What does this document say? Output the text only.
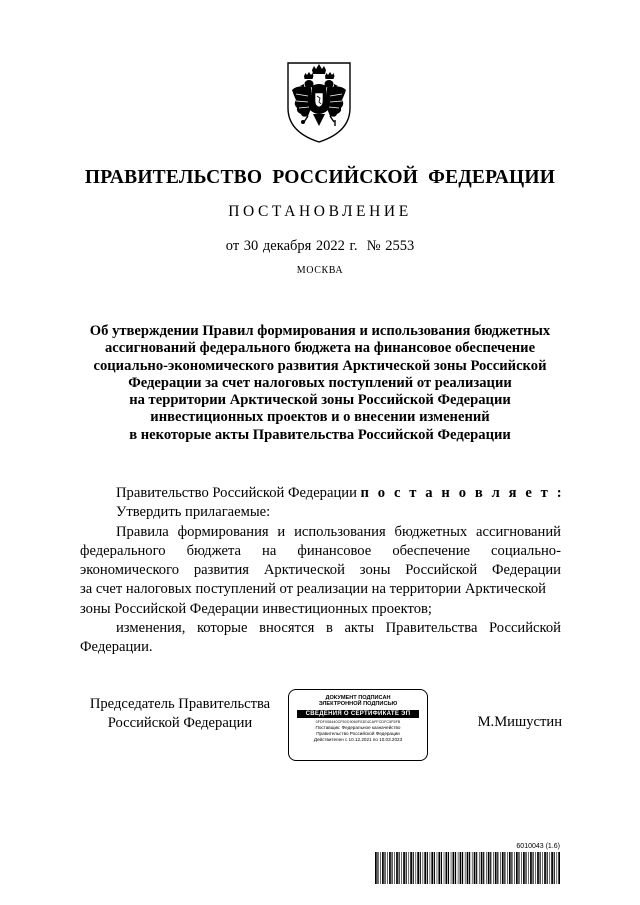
ПРАВИТЕЛЬСТВО РОССИЙСКОЙ ФЕДЕРАЦИИ
ПОСТАНОВЛЕНИЕ
от 30 декабря 2022 г.  № 2553
МОСКВА
Об утверждении Правил формирования и использования бюджетных
ассигнований федерального бюджета на финансовое обеспечение
социально-экономического развития Арктической зоны Российской
Федерации за счет налоговых поступлений от реализации
на территории Арктической зоны Российской Федерации
инвестиционных проектов и о внесении изменений
в некоторые акты Правительства Российской Федерации
Правительство Российской Федерации п о с т а н о в л я е т :
Утвердить прилагаемые:
Правила формирования и использования бюджетных ассигнований
федерального бюджета на финансовое обеспечение социально-
экономического развития Арктической зоны Российской Федерации
за счет налоговых поступлений от реализации на территории Арктической
зоны Российской Федерации инвестиционных проектов;
изменения, которые вносятся в акты Правительства Российской
Федерации.
Председатель Правительства
Российской Федерации
ДОКУМЕНТ ПОДПИСАН
ЭЛЕКТРОННОЙ ПОДПИСЬЮ
СВЕДЕНИЯ О СЕРТИФИКАТЕ ЭП
0FDF008440CF50C9060F03E4CAFFCDFC5F5FB
Поставщик: Федеральное казначейство
Правительство Российской Федерации
Действителен с 10.12.2021 по 10.03.2023
М.Мишустин
6010043 (1.6)
